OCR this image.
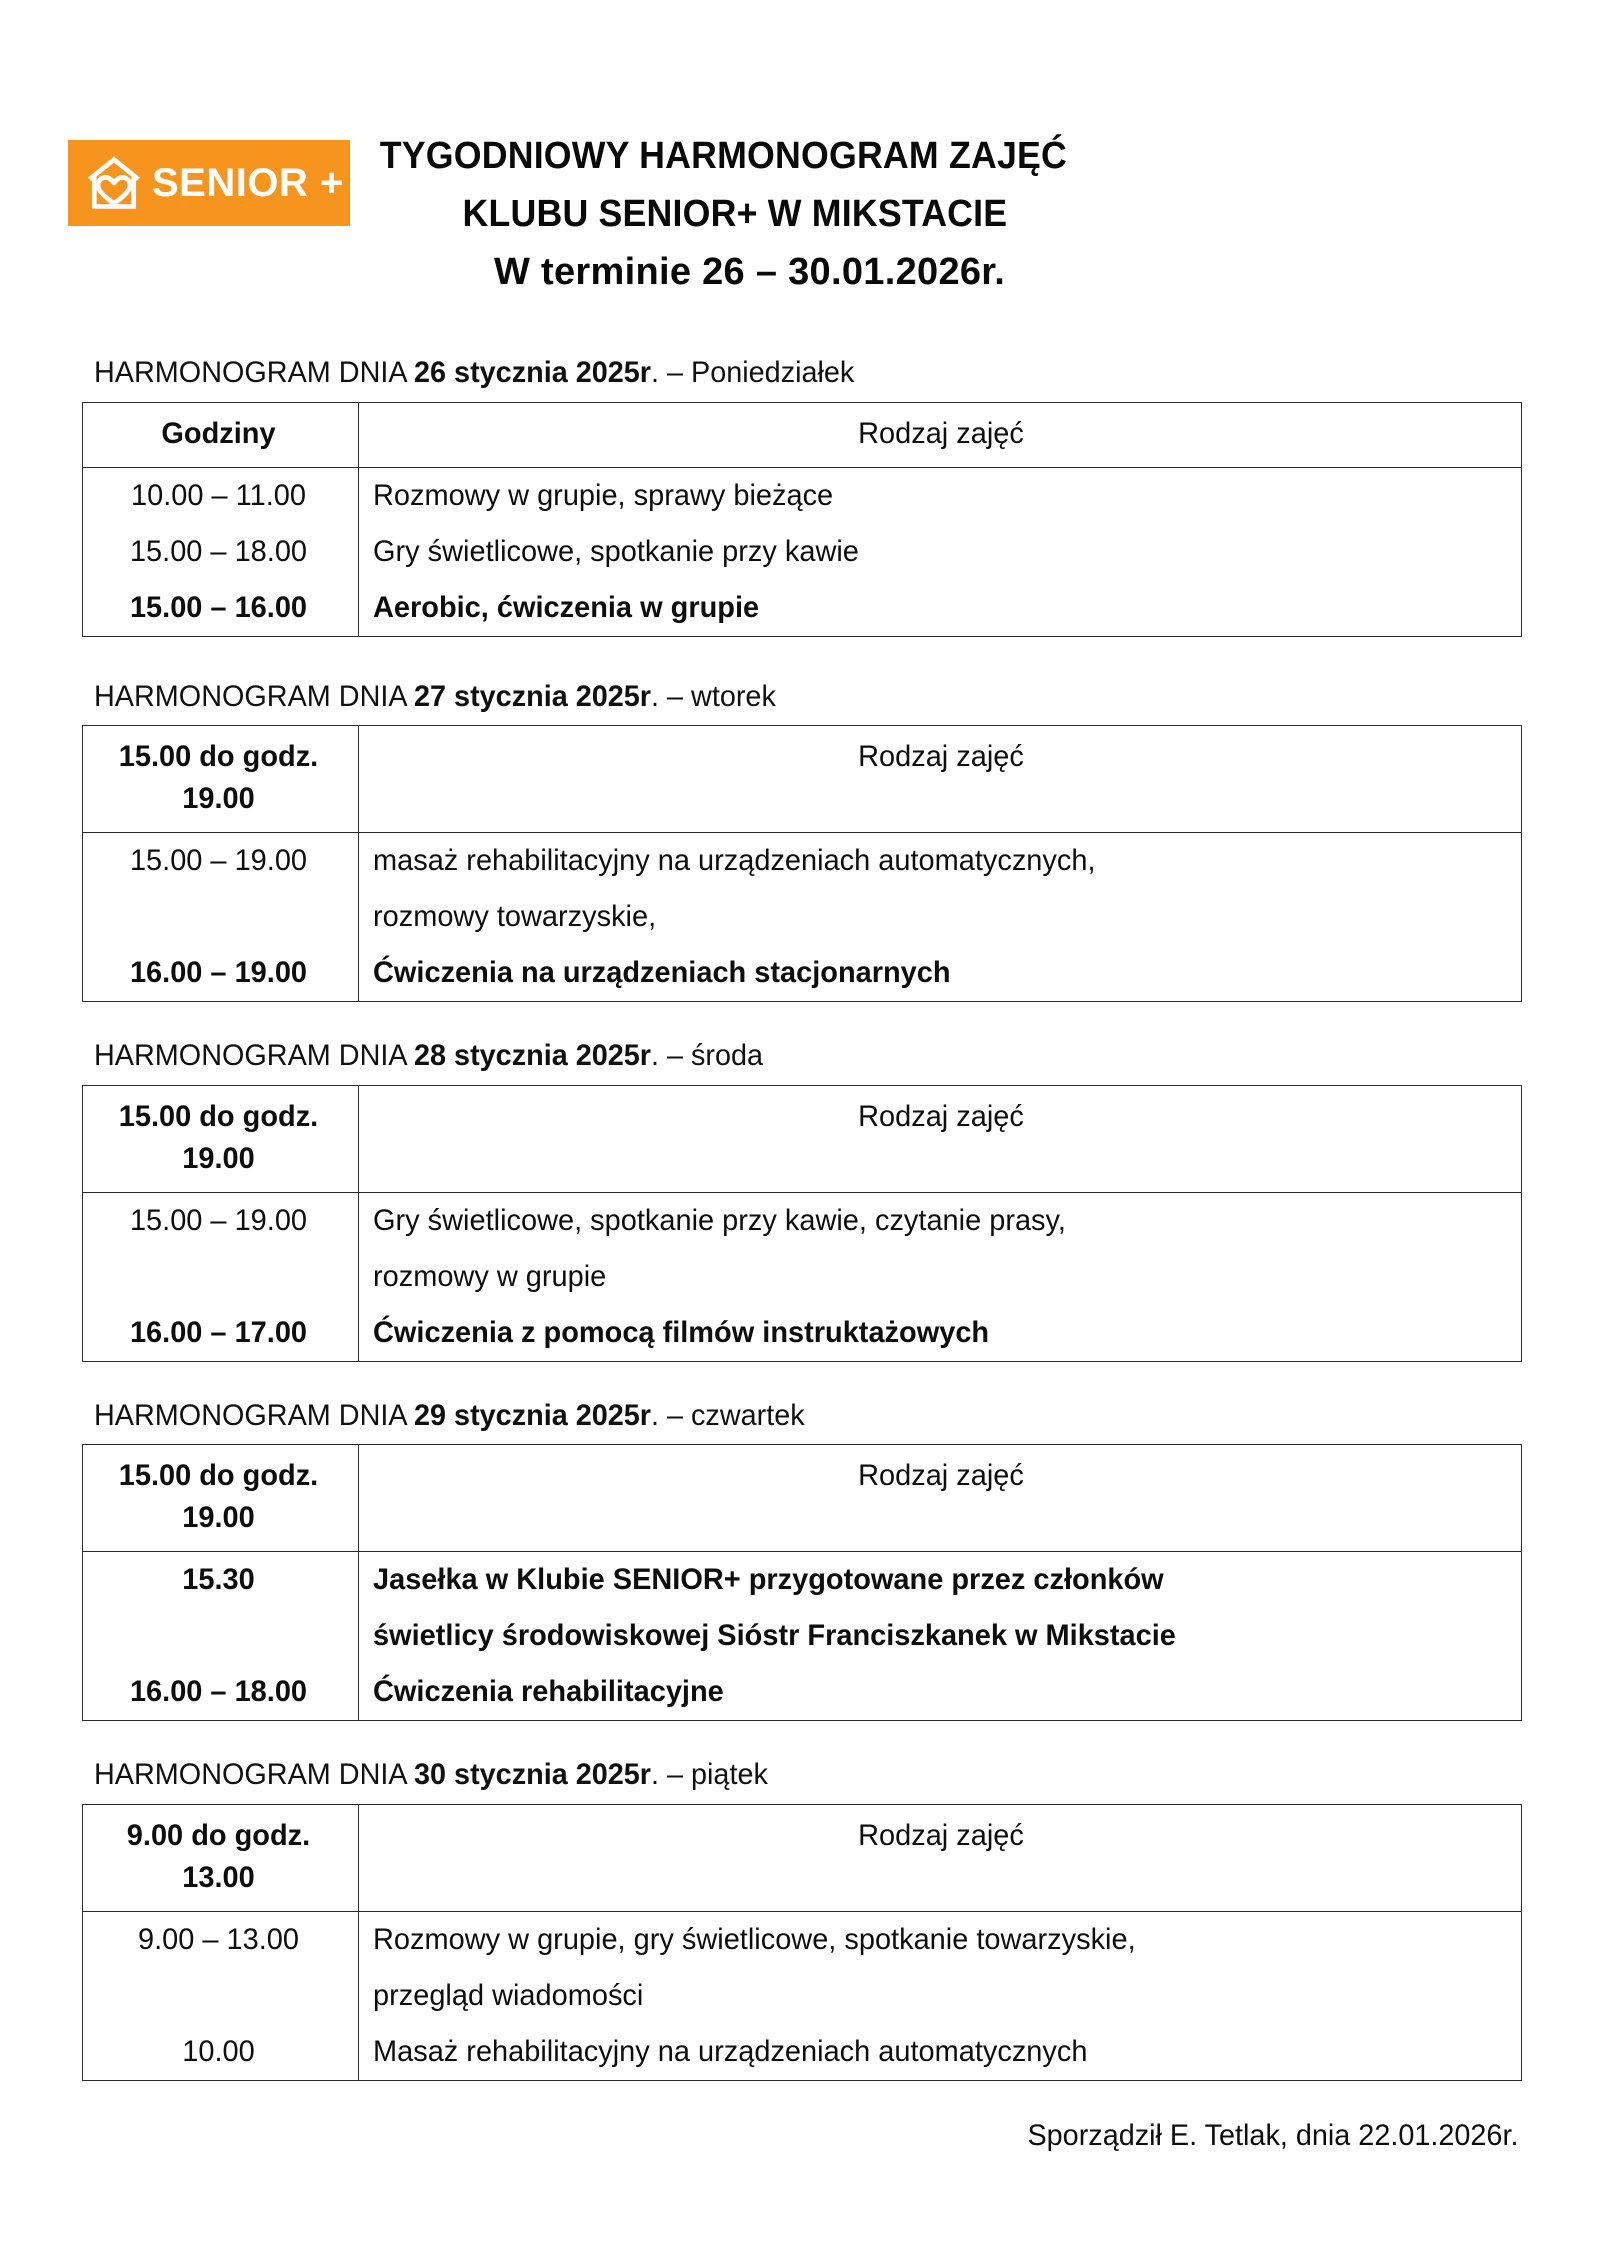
SENIOR +
TYGODNIOWY HARMONOGRAM ZAJĘĆ
KLUBU SENIOR+ W MIKSTACIE
W terminie 26 – 30.01.2026r.
HARMONOGRAM DNIA 26 stycznia 2025r. – Poniedziałek
Godziny	Rodzaj zajęć

10.00 – 11.00	Rozmowy w grupie, sprawy bieżące

15.00 – 18.00	Gry świetlicowe, spotkanie przy kawie

15.00 – 16.00	Aerobic, ćwiczenia w grupie
HARMONOGRAM DNIA 27 stycznia 2025r. – wtorek
15.00 do godz. 19.00	Rodzaj zajęć

15.00 – 19.00	masaż rehabilitacyjny na urządzeniach automatycznych,

	rozmowy towarzyskie,

16.00 – 19.00	Ćwiczenia na urządzeniach stacjonarnych
HARMONOGRAM DNIA 28 stycznia 2025r. – środa
15.00 do godz. 19.00	Rodzaj zajęć

15.00 – 19.00	Gry świetlicowe, spotkanie przy kawie, czytanie prasy,

	rozmowy w grupie

16.00 – 17.00	Ćwiczenia z pomocą filmów instruktażowych
HARMONOGRAM DNIA 29 stycznia 2025r. – czwartek
15.00 do godz. 19.00	Rodzaj zajęć

15.30	Jasełka w Klubie SENIOR+ przygotowane przez członków

	świetlicy środowiskowej Sióstr Franciszkanek w Mikstacie

16.00 – 18.00	Ćwiczenia rehabilitacyjne
HARMONOGRAM DNIA 30 stycznia 2025r. – piątek
9.00 do godz. 13.00	Rodzaj zajęć

9.00 – 13.00	Rozmowy w grupie, gry świetlicowe, spotkanie towarzyskie,

	przegląd wiadomości

10.00	Masaż rehabilitacyjny na urządzeniach automatycznych
Sporządził E. Tetlak, dnia 22.01.2026r.
